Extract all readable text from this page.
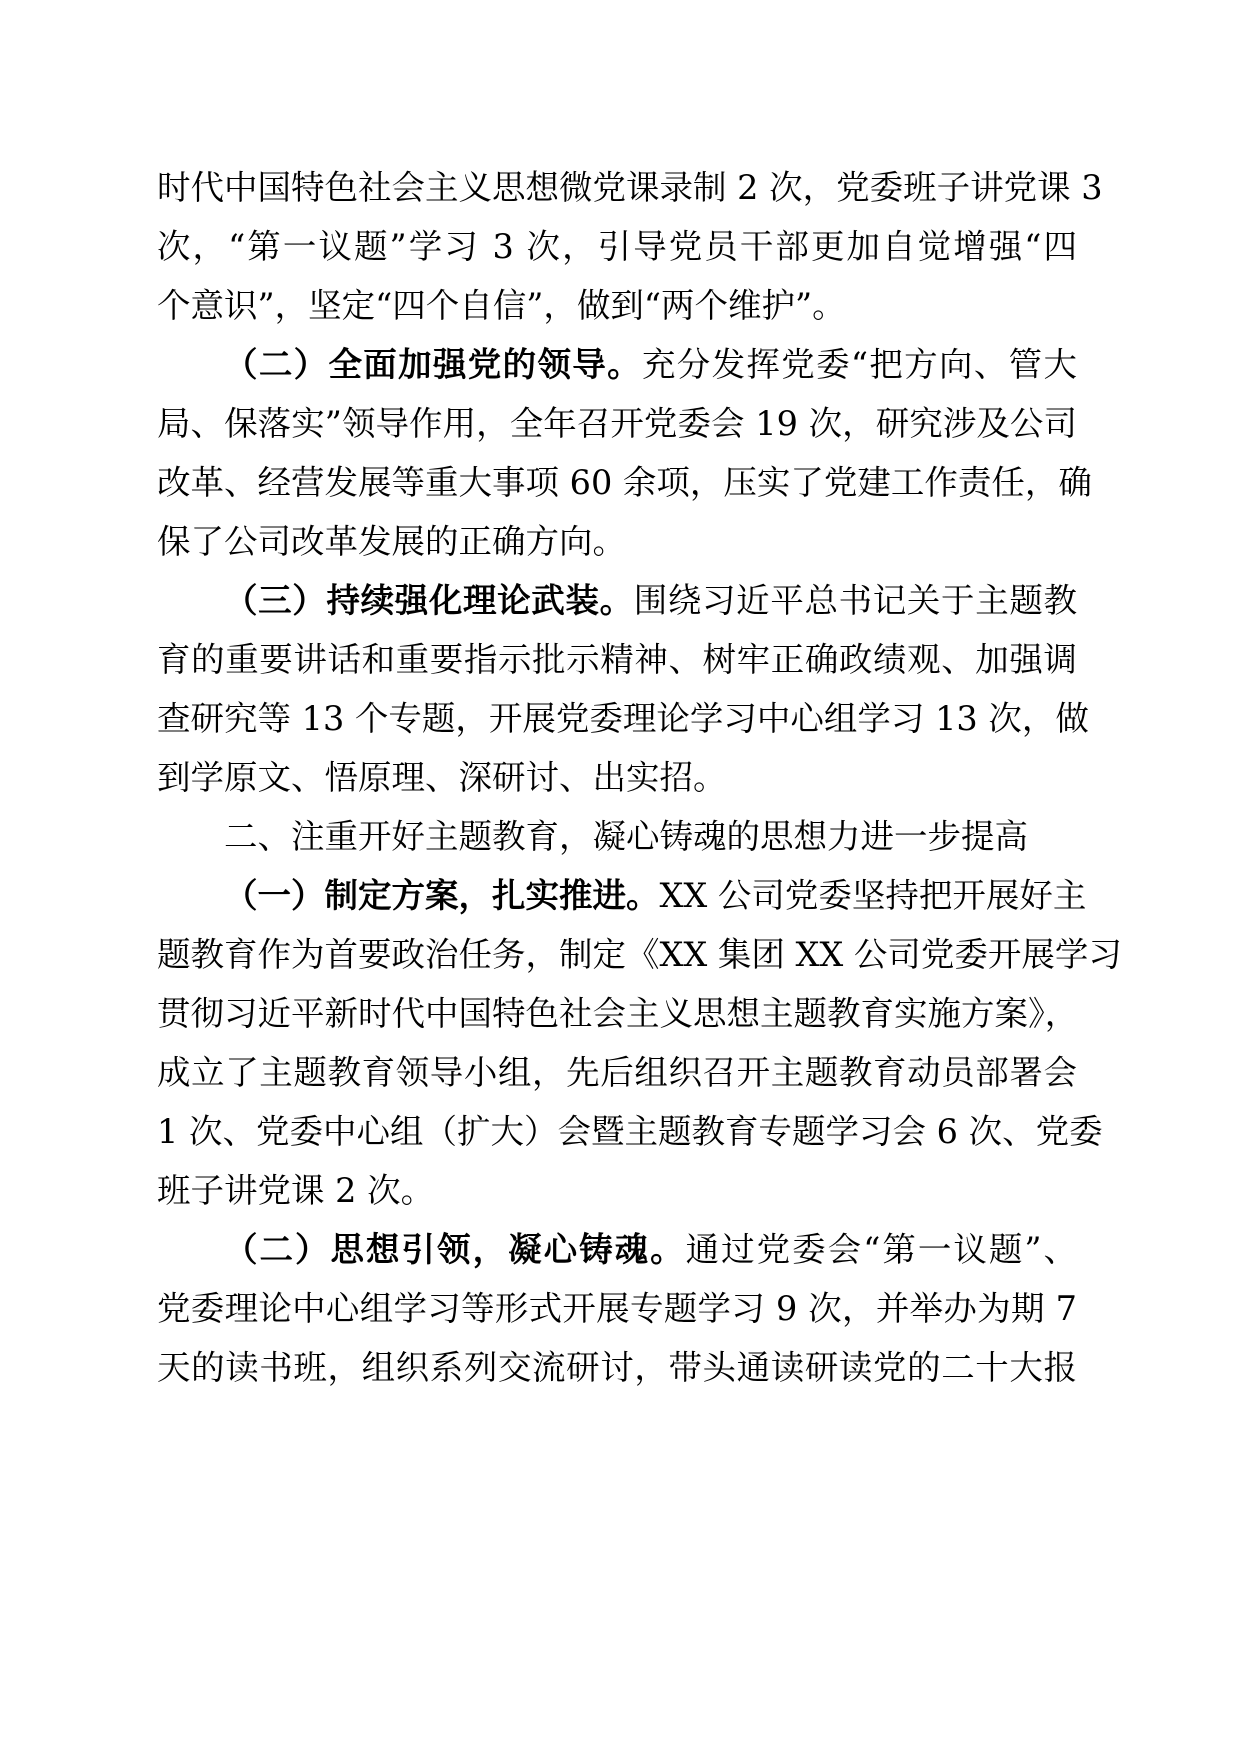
时代中国特色社会主义思想微党课录制 2 次，党委班子讲党课 3
次，“第一议题”学习 3 次，引导党员干部更加自觉增强“四
个意识”，坚定“四个自信”，做到“两个维护”。
（二）全面加强党的领导。充分发挥党委“把方向、管大
局、保落实”领导作用，全年召开党委会 19 次，研究涉及公司
改革、经营发展等重大事项 60 余项，压实了党建工作责任，确
保了公司改革发展的正确方向。
（三）持续强化理论武装。围绕习近平总书记关于主题教
育的重要讲话和重要指示批示精神、树牢正确政绩观、加强调
查研究等 13 个专题，开展党委理论学习中心组学习 13 次，做
到学原文、悟原理、深研讨、出实招。
二、注重开好主题教育，凝心铸魂的思想力进一步提高
（一）制定方案，扎实推进。XX 公司党委坚持把开展好主
题教育作为首要政治任务，制定《XX 集团 XX 公司党委开展学习
贯彻习近平新时代中国特色社会主义思想主题教育实施方案》，
成立了主题教育领导小组，先后组织召开主题教育动员部署会
1 次、党委中心组（扩大）会暨主题教育专题学习会 6 次、党委
班子讲党课 2 次。
（二）思想引领，凝心铸魂。通过党委会“第一议题”、
党委理论中心组学习等形式开展专题学习 9 次，并举办为期 7
天的读书班，组织系列交流研讨，带头通读研读党的二十大报
